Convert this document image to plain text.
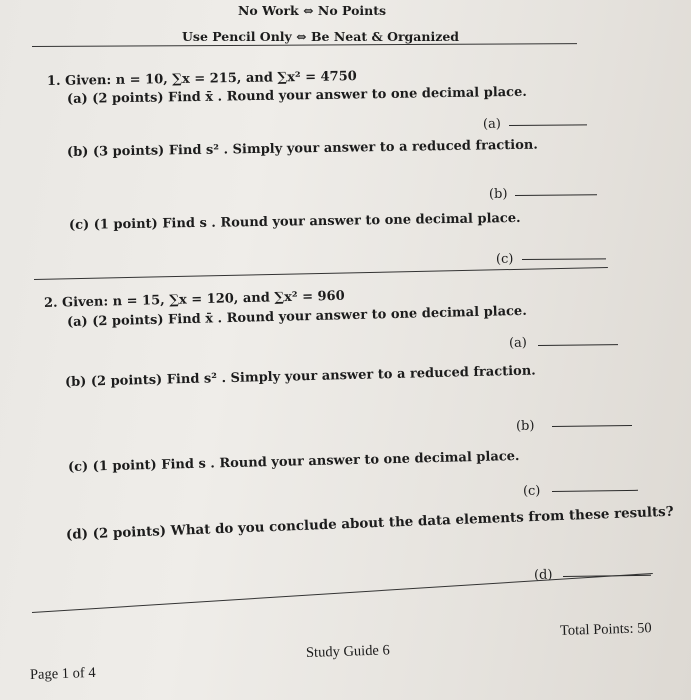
No Work ⇔ No Points
Use Pencil Only ⇔ Be Neat & Organized
1. Given: n = 10, ∑x = 215, and ∑x² = 4750
(a) (2 points) Find x̄ . Round your answer to one decimal place.
(a)
(b) (3 points) Find s² . Simply your answer to a reduced fraction.
(b)
(c) (1 point) Find s . Round your answer to one decimal place.
(c)
2. Given: n = 15, ∑x = 120, and ∑x² = 960
(a) (2 points) Find x̄ . Round your answer to one decimal place.
(a)
(b) (2 points) Find s² . Simply your answer to a reduced fraction.
(b)
(c) (1 point) Find s . Round your answer to one decimal place.
(c)
(d) (2 points) What do you conclude about the data elements from these results?
(d)
Page 1 of 4
Study Guide 6
Total Points: 50
